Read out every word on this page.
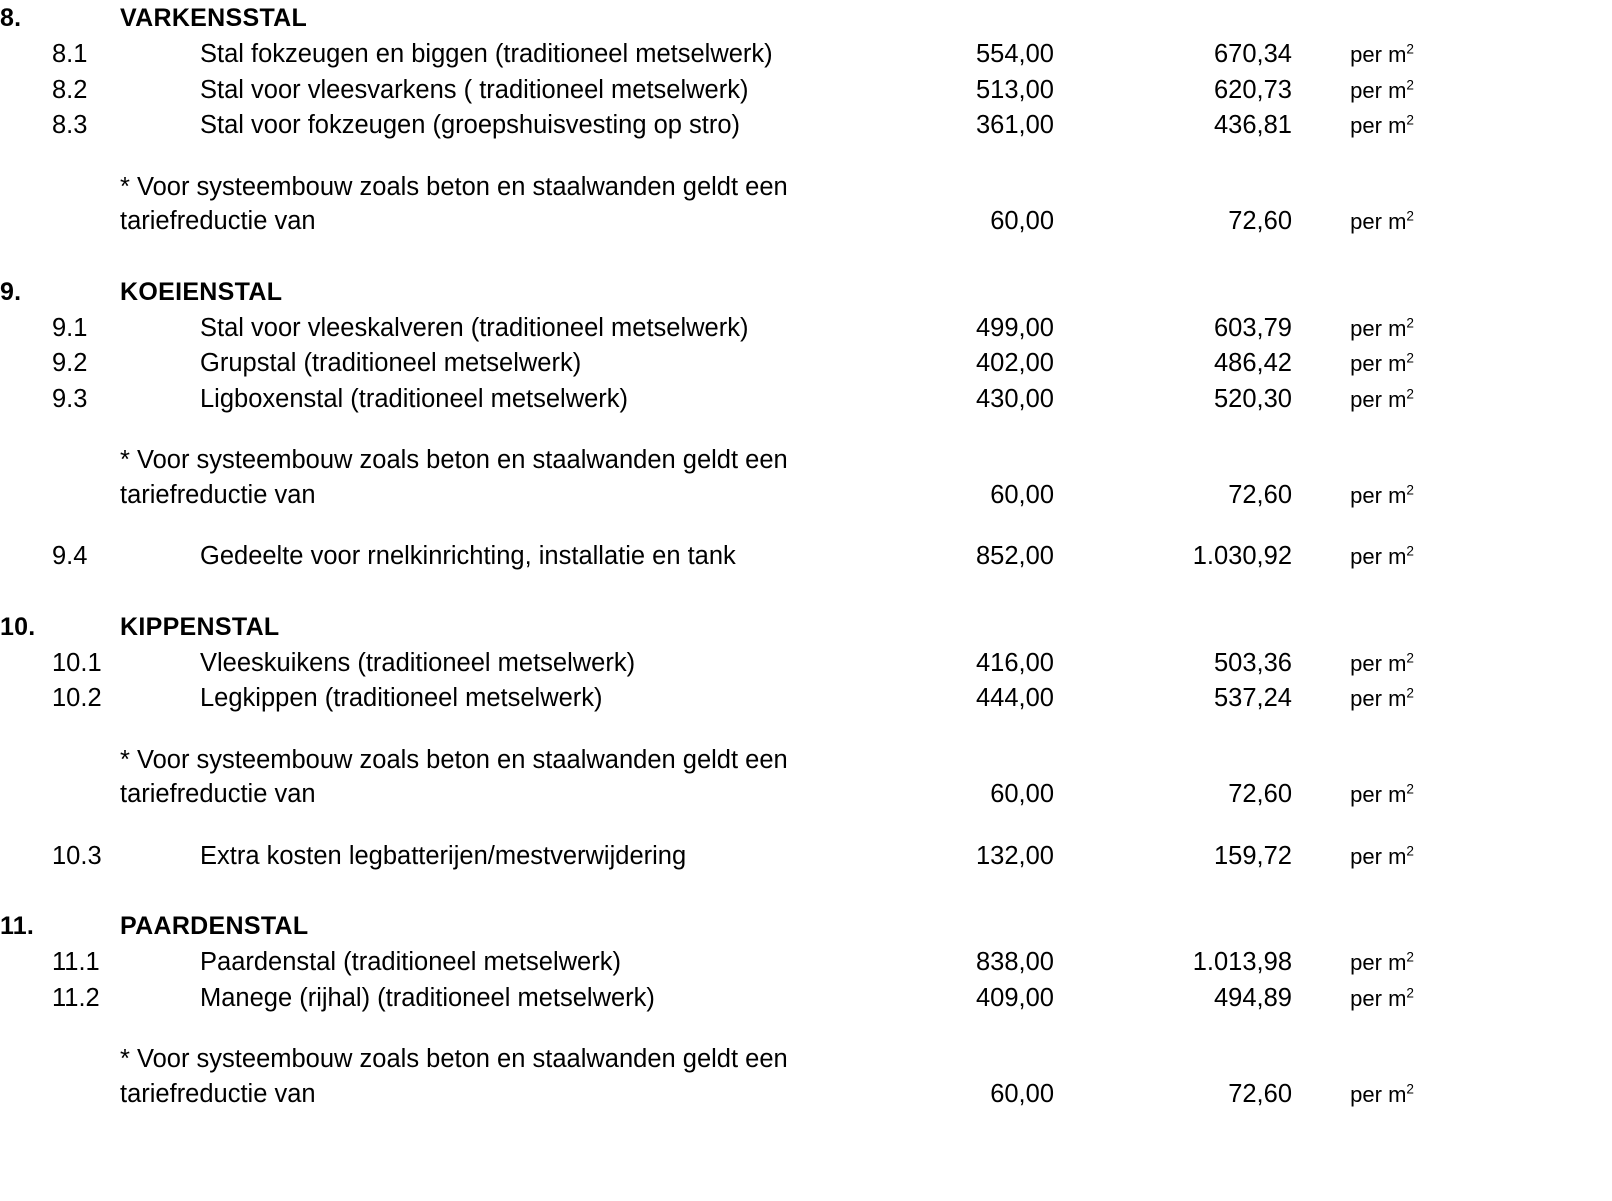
8.	VARKENSSTAL
8.1	Stal fokzeugen en biggen (traditioneel metselwerk)	554,00	670,34	per $m^2$
8.2	Stal voor vleesvarkens ( traditioneel metselwerk)	513,00	620,73	per $m^2$
8.3	Stal voor fokzeugen (groepshuisvesting op stro)	361,00	436,81	per $m^2$
* Voor systeembouw zoals beton en staalwanden geldt een
tariefreductie van	60,00	72,60	per $m^2$
9.	KOEIENSTAL
9.1	Stal voor vleeskalveren (traditioneel metselwerk)	499,00	603,79	per $m^2$
9.2	Grupstal (traditioneel metselwerk)	402,00	486,42	per $m^2$
9.3	Ligboxenstal (traditioneel metselwerk)	430,00	520,30	per $m^2$
* Voor systeembouw zoals beton en staalwanden geldt een
tariefreductie van	60,00	72,60	per $m^2$
9.4	Gedeelte voor rnelkinrichting, installatie en tank	852,00	1.030,92	per $m^2$
10.	KIPPENSTAL
10.1	Vleeskuikens (traditioneel metselwerk)	416,00	503,36	per $m^2$
10.2	Legkippen (traditioneel metselwerk)	444,00	537,24	per $m^2$
* Voor systeembouw zoals beton en staalwanden geldt een
tariefreductie van	60,00	72,60	per $m^2$
10.3	Extra kosten legbatterijen/mestverwijdering	132,00	159,72	per $m^2$
11.	PAARDENSTAL
11.1	Paardenstal (traditioneel metselwerk)	838,00	1.013,98	per $m^2$
11.2	Manege (rijhal) (traditioneel metselwerk)	409,00	494,89	per $m^2$
* Voor systeembouw zoals beton en staalwanden geldt een
tariefreductie van	60,00	72,60	per $m^2$
